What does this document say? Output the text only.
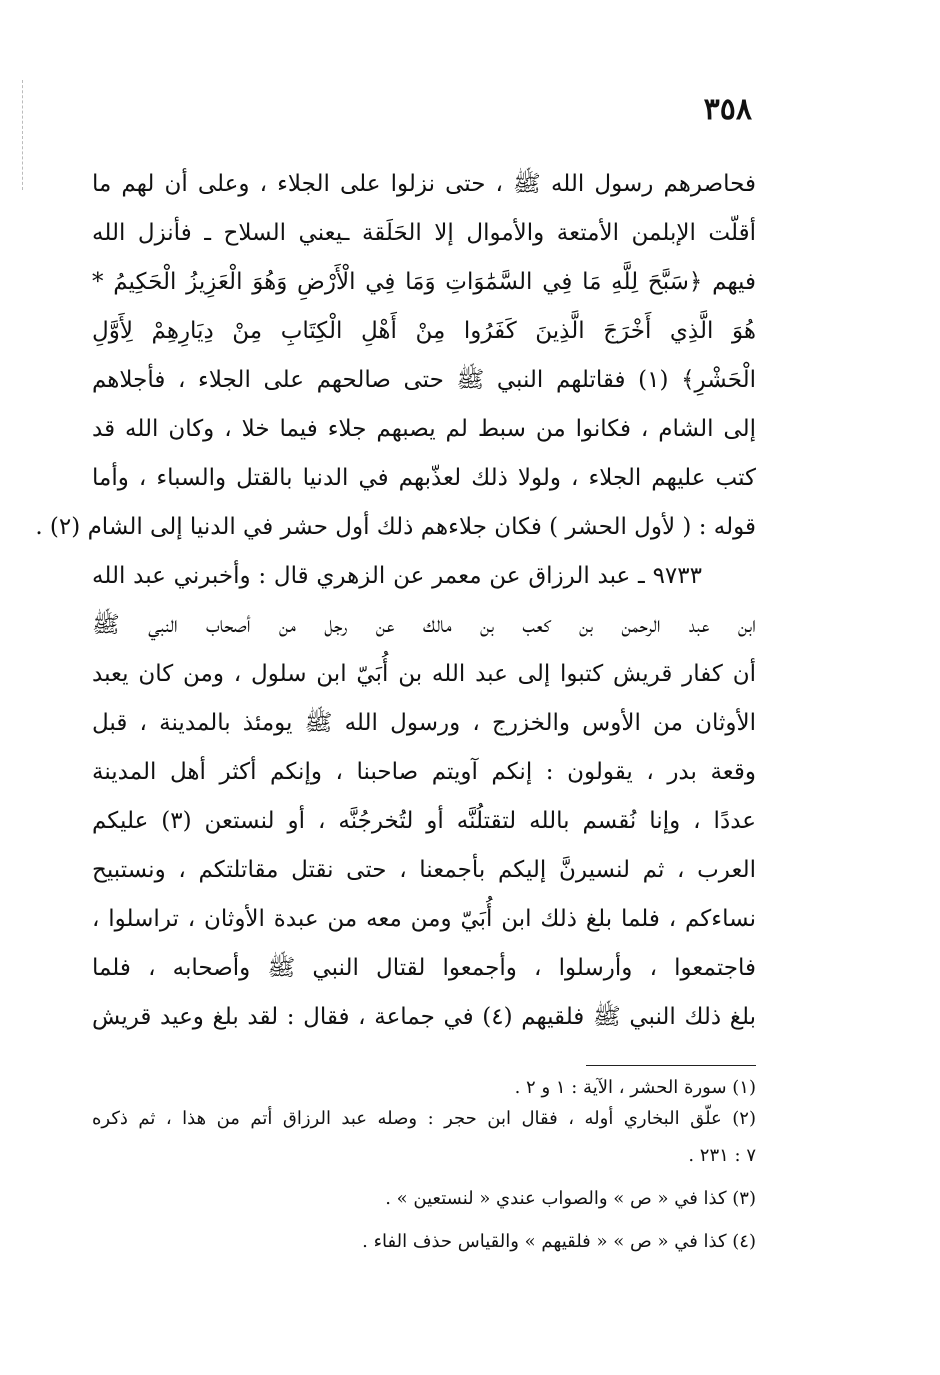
٣٥٨
فحاصرهم رسول الله ﷺ ، حتى نزلوا على الجلاء ، وعلى أن لهم ما
أقلّت الإبلمن الأمتعة والأموال إلا الحَلَقة ـيعني السلاح ـ فأنزل الله
فيهم ﴿سَبَّحَ لِلَّهِ مَا فِي السَّمَٰوَاتِ وَمَا فِي الْأَرْضِ وَهُوَ الْعَزِيزُ الْحَكِيمُ *
هُوَ الَّذِي أَخْرَجَ الَّذِينَ كَفَرُوا مِنْ أَهْلِ الْكِتَابِ مِنْ دِيَارِهِمْ لِأَوَّلِ
الْحَشْرِ﴾ (١) فقاتلهم النبي ﷺ حتى صالحهم على الجلاء ، فأجلاهم
إلى الشام ، فكانوا من سبط لم يصبهم جلاء فيما خلا ، وكان الله قد
كتب عليهم الجلاء ، ولولا ذلك لعذّبهم في الدنيا بالقتل والسباء ، وأما
قوله : ( لأول الحشر ) فكان جلاءهم ذلك أول حشر في الدنيا إلى الشام (٢) .
٩٧٣٣ ـ عبد الرزاق عن معمر عن الزهري قال : وأخبرني عبد الله
ابن عبد الرحمن بن كعب بن مالك عن رجل من أصحاب النبي ﷺ
أن كفار قريش كتبوا إلى عبد الله بن أُبَيّ ابن سلول ، ومن كان يعبد
الأوثان من الأوس والخزرج ، ورسول الله ﷺ يومئذ بالمدينة ، قبل
وقعة بدر ، يقولون : إنكم آويتم صاحبنا ، وإنكم أكثر أهل المدينة
عددًا ، وإنا نُقسم بالله لتقتلُنَّه أو لتُخرجُنَّه ، أو لنستعن (٣) عليكم
العرب ، ثم لنسيرنَّ إليكم بأجمعنا ، حتى نقتل مقاتلتكم ، ونستبيح
نساءكم ، فلما بلغ ذلك ابن أُبَيّ ومن معه من عبدة الأوثان ، تراسلوا ،
فاجتمعوا ، وأرسلوا ، وأجمعوا لقتال النبي ﷺ وأصحابه ، فلما
بلغ ذلك النبي ﷺ فلقيهم (٤) في جماعة ، فقال : لقد بلغ وعيد قريش
(١) سورة الحشر ، الآية : ١ و ٢ .
(٢) علّق البخاري أوله ، فقال ابن حجر : وصله عبد الرزاق أتم من هذا ، ثم ذكره
٧ : ٢٣١ .
(٣) كذا في « ص » والصواب عندي « لنستعين » .
(٤) كذا في « ص » « فلقيهم » والقياس حذف الفاء .
